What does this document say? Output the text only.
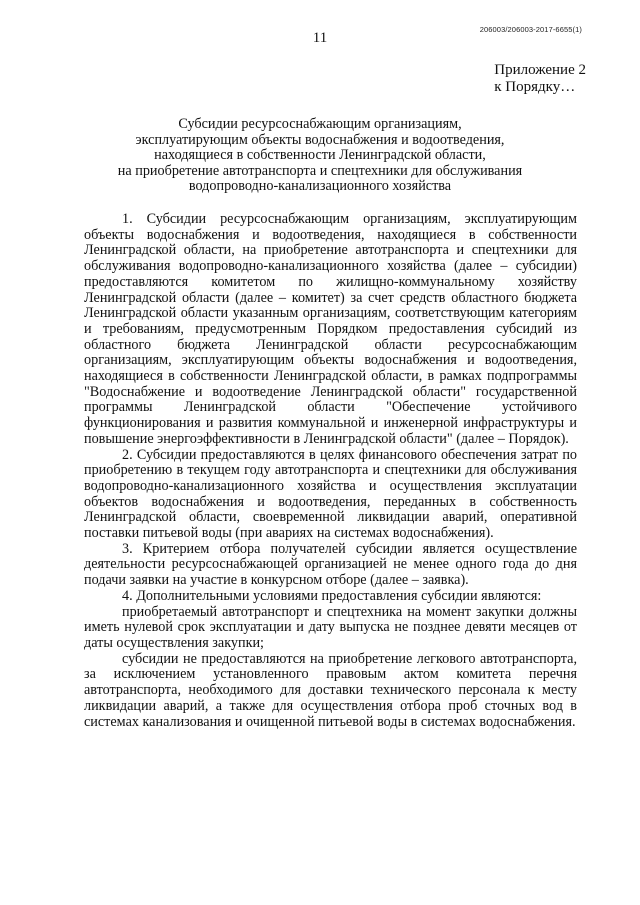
206003/206003-2017-6655(1)
11
Приложение 2
к Порядку…
Субсидии ресурсоснабжающим организациям,
эксплуатирующим объекты водоснабжения и водоотведения,
находящиеся в собственности Ленинградской области,
на приобретение автотранспорта и спецтехники для обслуживания
водопроводно-канализационного хозяйства

1. Субсидии ресурсоснабжающим организациям, эксплуатирующим объекты водоснабжения и водоотведения, находящиеся в собственности Ленинградской области, на приобретение автотранспорта и спецтехники для обслуживания водопроводно-канализационного хозяйства (далее – субсидии) предоставляются комитетом по жилищно-коммунальному хозяйству Ленинградской области (далее – комитет) за счет средств областного бюджета Ленинградской области указанным организациям, соответствующим категориям и требованиям, предусмотренным Порядком предоставления субсидий из областного бюджета Ленинградской области ресурсоснабжающим организациям, эксплуатирующим объекты водоснабжения и водоотведения, находящиеся в собственности Ленинградской области, в рамках подпрограммы "Водоснабжение и водоотведение Ленинградской области" государственной программы Ленинградской области "Обеспечение устойчивого функционирования и развития коммунальной и инженерной инфраструктуры и повышение энергоэффективности в Ленинградской области" (далее – Порядок).

2. Субсидии предоставляются в целях финансового обеспечения затрат по приобретению в текущем году автотранспорта и спецтехники для обслуживания водопроводно-канализационного хозяйства и осуществления эксплуатации объектов водоснабжения и водоотведения, переданных в собственность Ленинградской области, своевременной ликвидации аварий, оперативной поставки питьевой воды (при авариях на системах водоснабжения).

3. Критерием отбора получателей субсидии является осуществление деятельности ресурсоснабжающей организацией не менее одного года до дня подачи заявки на участие в конкурсном отборе (далее – заявка).

4. Дополнительными условиями предоставления субсидии являются:

приобретаемый автотранспорт и спецтехника на момент закупки должны иметь нулевой срок эксплуатации и дату выпуска не позднее девяти месяцев от даты осуществления закупки;

субсидии не предоставляются на приобретение легкового автотранспорта, за исключением установленного правовым актом комитета перечня автотранспорта, необходимого для доставки технического персонала к месту ликвидации аварий, а также для осуществления отбора проб сточных вод в системах канализования и очищенной питьевой воды в системах водоснабжения.
